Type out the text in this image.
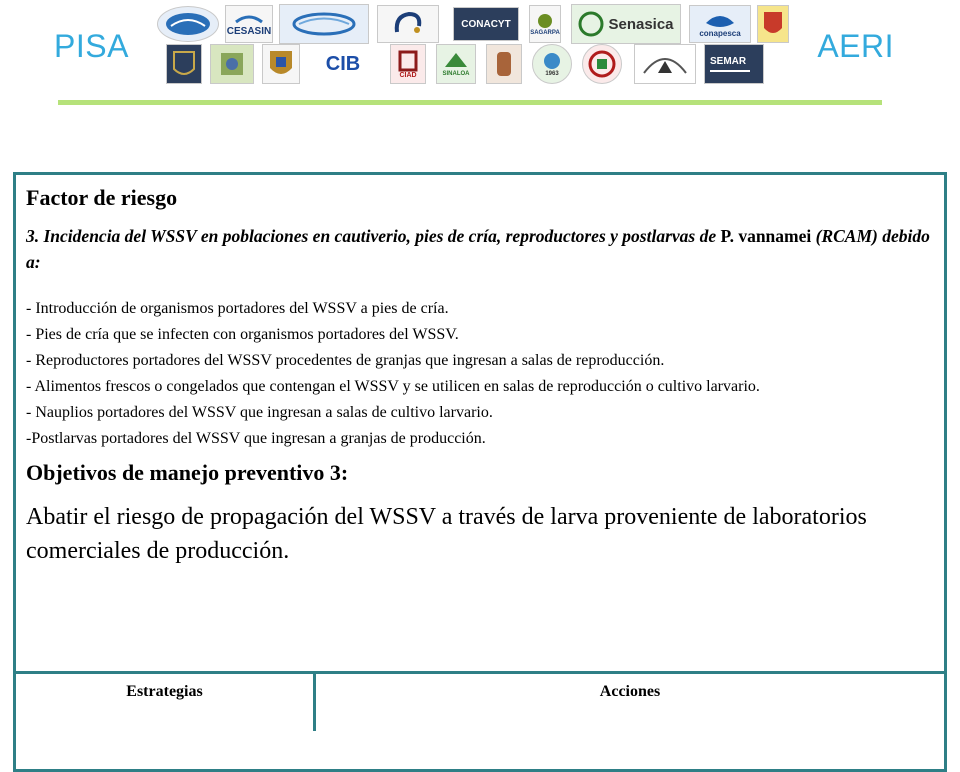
PISA	AERI
CESASIN
CONACYT
SAGARPA
Senasica
conapesca
CIB
CIAD	SINALOA	1963
SEMAR
Factor de riesgo

3. Incidencia del WSSV en poblaciones en cautiverio, pies de cría, reproductores y postlarvas de P. vannamei (RCAM) debido a:

- Introducción de organismos portadores del WSSV a pies de cría.
- Pies de cría que se infecten con organismos portadores del WSSV.
- Reproductores portadores del WSSV procedentes de granjas que ingresan a salas de reproducción.
- Alimentos frescos o congelados que contengan el WSSV y se utilicen en salas de reproducción o cultivo larvario.
- Nauplios portadores del WSSV que ingresan a salas de cultivo larvario.
-Postlarvas portadores del WSSV que ingresan a granjas de producción.
Objetivos de manejo preventivo 3:

Abatir el riesgo de propagación del WSSV a través de larva proveniente de laboratorios comerciales de producción.

Estrategias	Acciones
